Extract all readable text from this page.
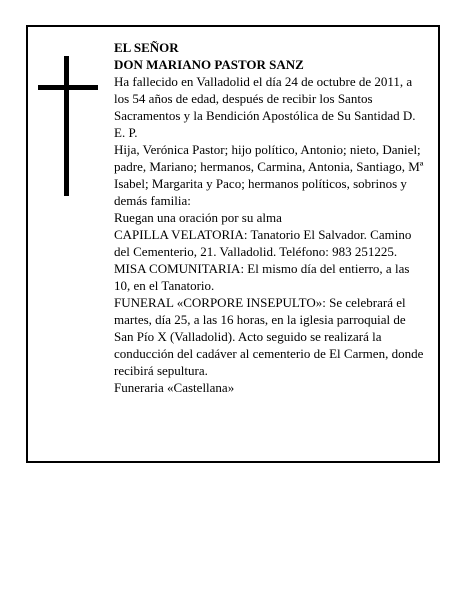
EL SEÑOR

DON MARIANO PASTOR SANZ

Ha fallecido en Valladolid el día 24 de octubre de 2011, a los 54 años de edad, después de recibir los Santos Sacramentos y la Bendición Apostólica de Su Santidad D. E. P.

Hija, Verónica Pastor; hijo político, Antonio; nieto, Daniel; padre, Mariano; hermanos, Carmina, Antonia, Santiago, Mª Isabel; Margarita y Paco; hermanos políticos, sobrinos y demás familia:

Ruegan una oración por su alma

CAPILLA VELATORIA: Tanatorio El Salvador. Camino del Cementerio, 21. Valladolid. Teléfono: 983 251225.

MISA COMUNITARIA: El mismo día del entierro, a las 10, en el Tanatorio.

FUNERAL «CORPORE INSEPULTO»: Se celebrará el martes, día 25, a las 16 horas, en la iglesia parroquial de San Pío X (Valladolid). Acto seguido se realizará la conducción del cadáver al cementerio de El Carmen, donde recibirá sepultura.

Funeraria «Castellana»
